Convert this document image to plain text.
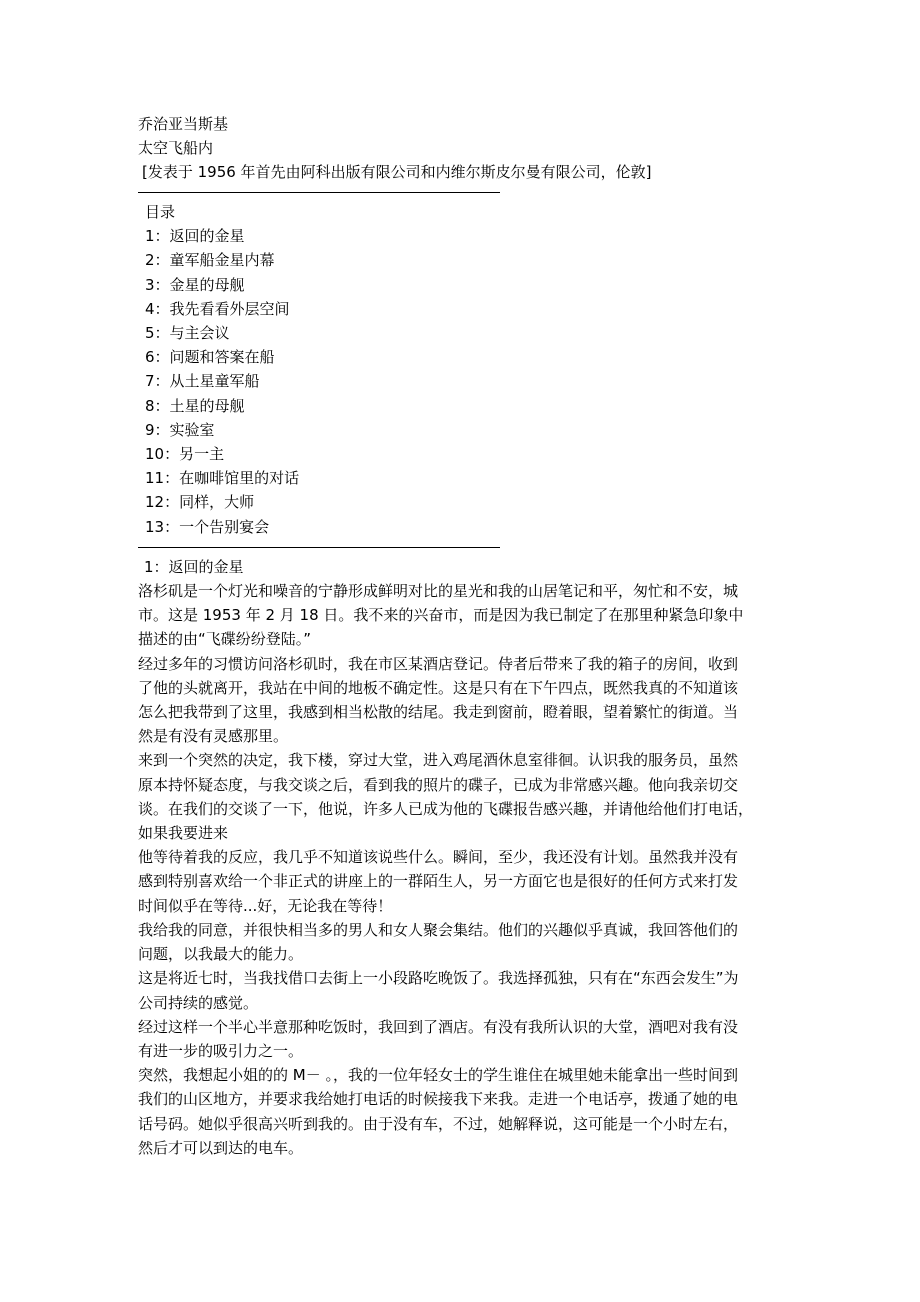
乔治亚当斯基
太空飞船内
[发表于 1956 年首先由阿科出版有限公司和内维尔斯皮尔曼有限公司，伦敦]
目录
1：返回的金星
2：童军船金星内幕
3：金星的母舰
4：我先看看外层空间
5：与主会议
6：问题和答案在船
7：从土星童军船
8：土星的母舰
9：实验室
10：另一主
11：在咖啡馆里的对话
12：同样，大师
13：一个告别宴会
1：返回的金星

洛杉矶是一个灯光和噪音的宁静形成鲜明对比的星光和我的山居笔记和平，匆忙和不安，城
市。这是 1953 年 2 月 18 日。我不来的兴奋市，而是因为我已制定了在那里种紧急印象中
描述的由“飞碟纷纷登陆。”

经过多年的习惯访问洛杉矶时，我在市区某酒店登记。侍者后带来了我的箱子的房间，收到
了他的头就离开，我站在中间的地板不确定性。这是只有在下午四点，既然我真的不知道该
怎么把我带到了这里，我感到相当松散的结尾。我走到窗前，瞪着眼，望着繁忙的街道。当
然是有没有灵感那里。

来到一个突然的决定，我下楼，穿过大堂，进入鸡尾酒休息室徘徊。认识我的服务员，虽然
原本持怀疑态度，与我交谈之后，看到我的照片的碟子，已成为非常感兴趣。他向我亲切交
谈。在我们的交谈了一下，他说，许多人已成为他的飞碟报告感兴趣，并请他给他们打电话，
如果我要进来

他等待着我的反应，我几乎不知道该说些什么。瞬间，至少，我还没有计划。虽然我并没有
感到特别喜欢给一个非正式的讲座上的一群陌生人，另一方面它也是很好的任何方式来打发
时间似乎在等待...好，无论我在等待！

我给我的同意，并很快相当多的男人和女人聚会集结。他们的兴趣似乎真诚，我回答他们的
问题，以我最大的能力。

这是将近七时，当我找借口去街上一小段路吃晚饭了。我选择孤独，只有在“东西会发生”为
公司持续的感觉。

经过这样一个半心半意那种吃饭时，我回到了酒店。有没有我所认识的大堂，酒吧对我有没
有进一步的吸引力之一。

突然，我想起小姐的的 M－ 。，我的一位年轻女士的学生谁住在城里她未能拿出一些时间到
我们的山区地方，并要求我给她打电话的时候接我下来我。走进一个电话亭，拨通了她的电
话号码。她似乎很高兴听到我的。由于没有车，不过，她解释说，这可能是一个小时左右，
然后才可以到达的电车。
